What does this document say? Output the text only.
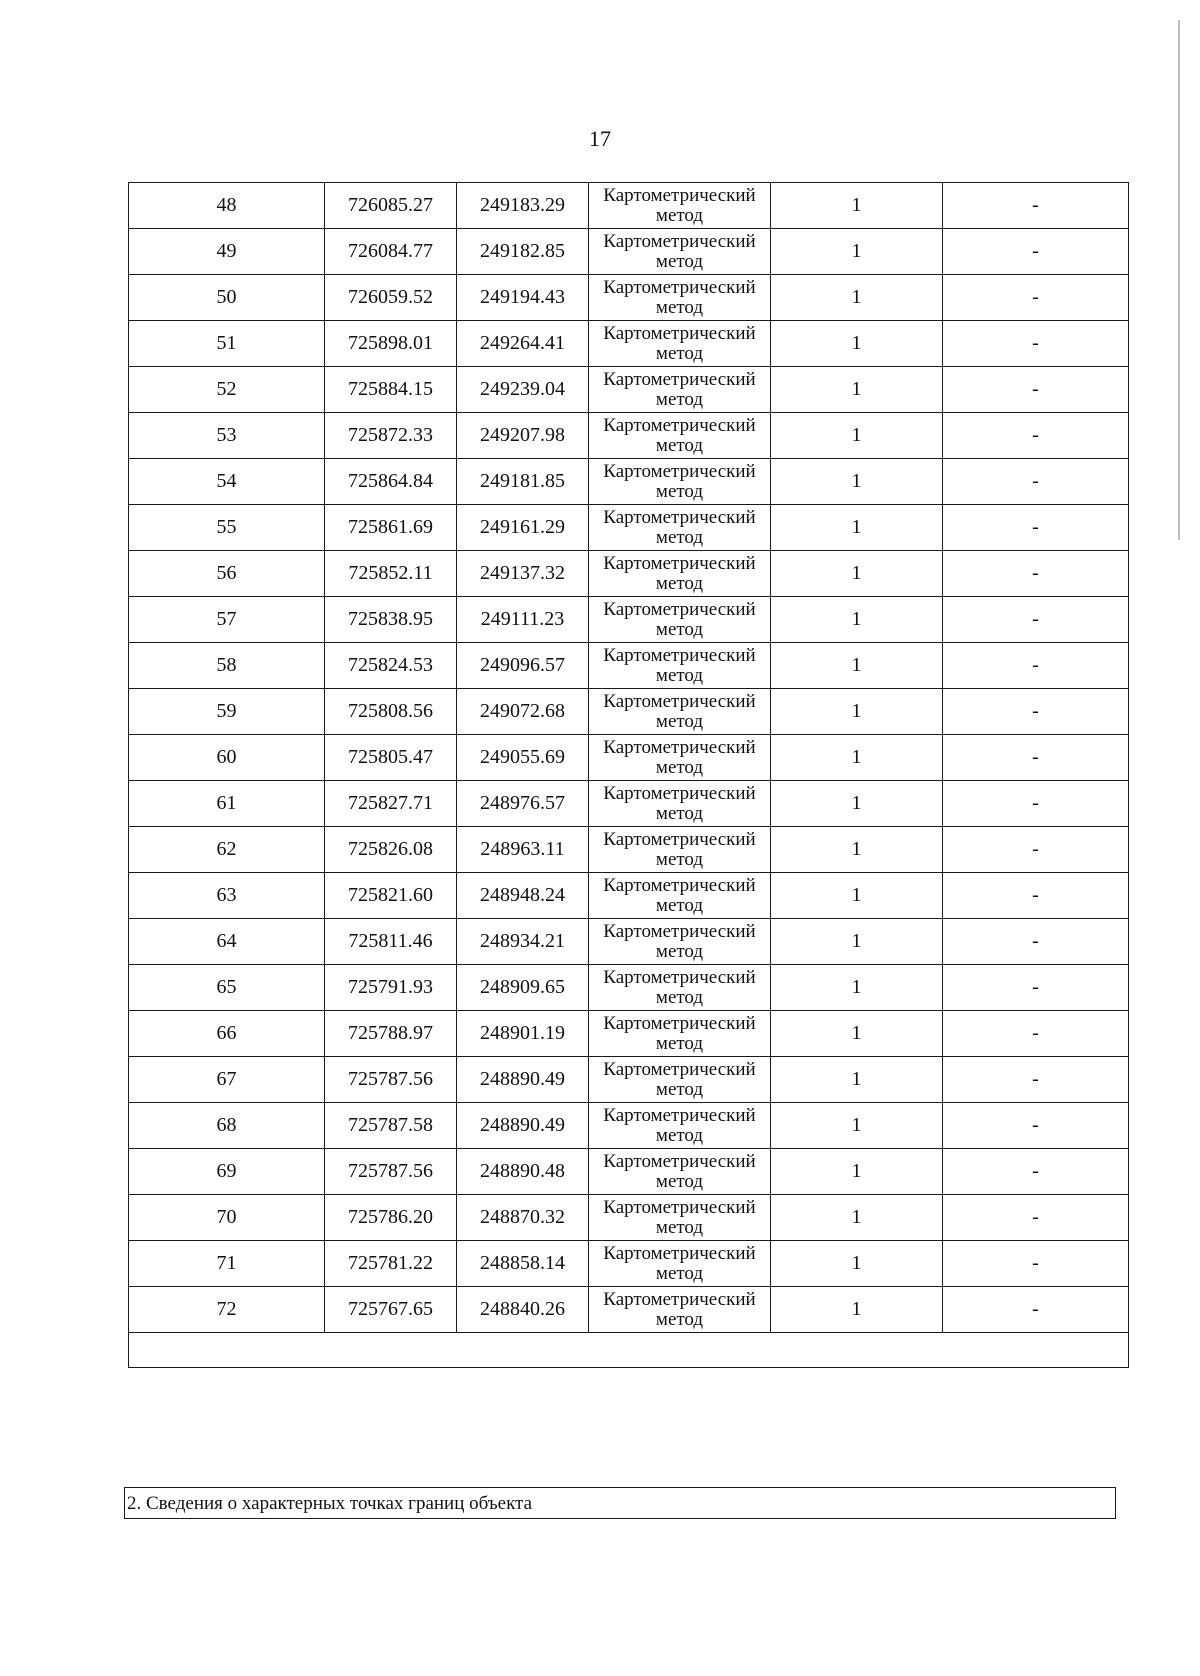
17
48	726085.27	249183.29	Картометрический метод	1	-
49	726084.77	249182.85	Картометрический метод	1	-
50	726059.52	249194.43	Картометрический метод	1	-
51	725898.01	249264.41	Картометрический метод	1	-
52	725884.15	249239.04	Картометрический метод	1	-
53	725872.33	249207.98	Картометрический метод	1	-
54	725864.84	249181.85	Картометрический метод	1	-
55	725861.69	249161.29	Картометрический метод	1	-
56	725852.11	249137.32	Картометрический метод	1	-
57	725838.95	249111.23	Картометрический метод	1	-
58	725824.53	249096.57	Картометрический метод	1	-
59	725808.56	249072.68	Картометрический метод	1	-
60	725805.47	249055.69	Картометрический метод	1	-
61	725827.71	248976.57	Картометрический метод	1	-
62	725826.08	248963.11	Картометрический метод	1	-
63	725821.60	248948.24	Картометрический метод	1	-
64	725811.46	248934.21	Картометрический метод	1	-
65	725791.93	248909.65	Картометрический метод	1	-
66	725788.97	248901.19	Картометрический метод	1	-
67	725787.56	248890.49	Картометрический метод	1	-
68	725787.58	248890.49	Картометрический метод	1	-
69	725787.56	248890.48	Картометрический метод	1	-
70	725786.20	248870.32	Картометрический метод	1	-
71	725781.22	248858.14	Картометрический метод	1	-
72	725767.65	248840.26	Картометрический метод	1	-

2. Сведения о характерных точках границ объекта
